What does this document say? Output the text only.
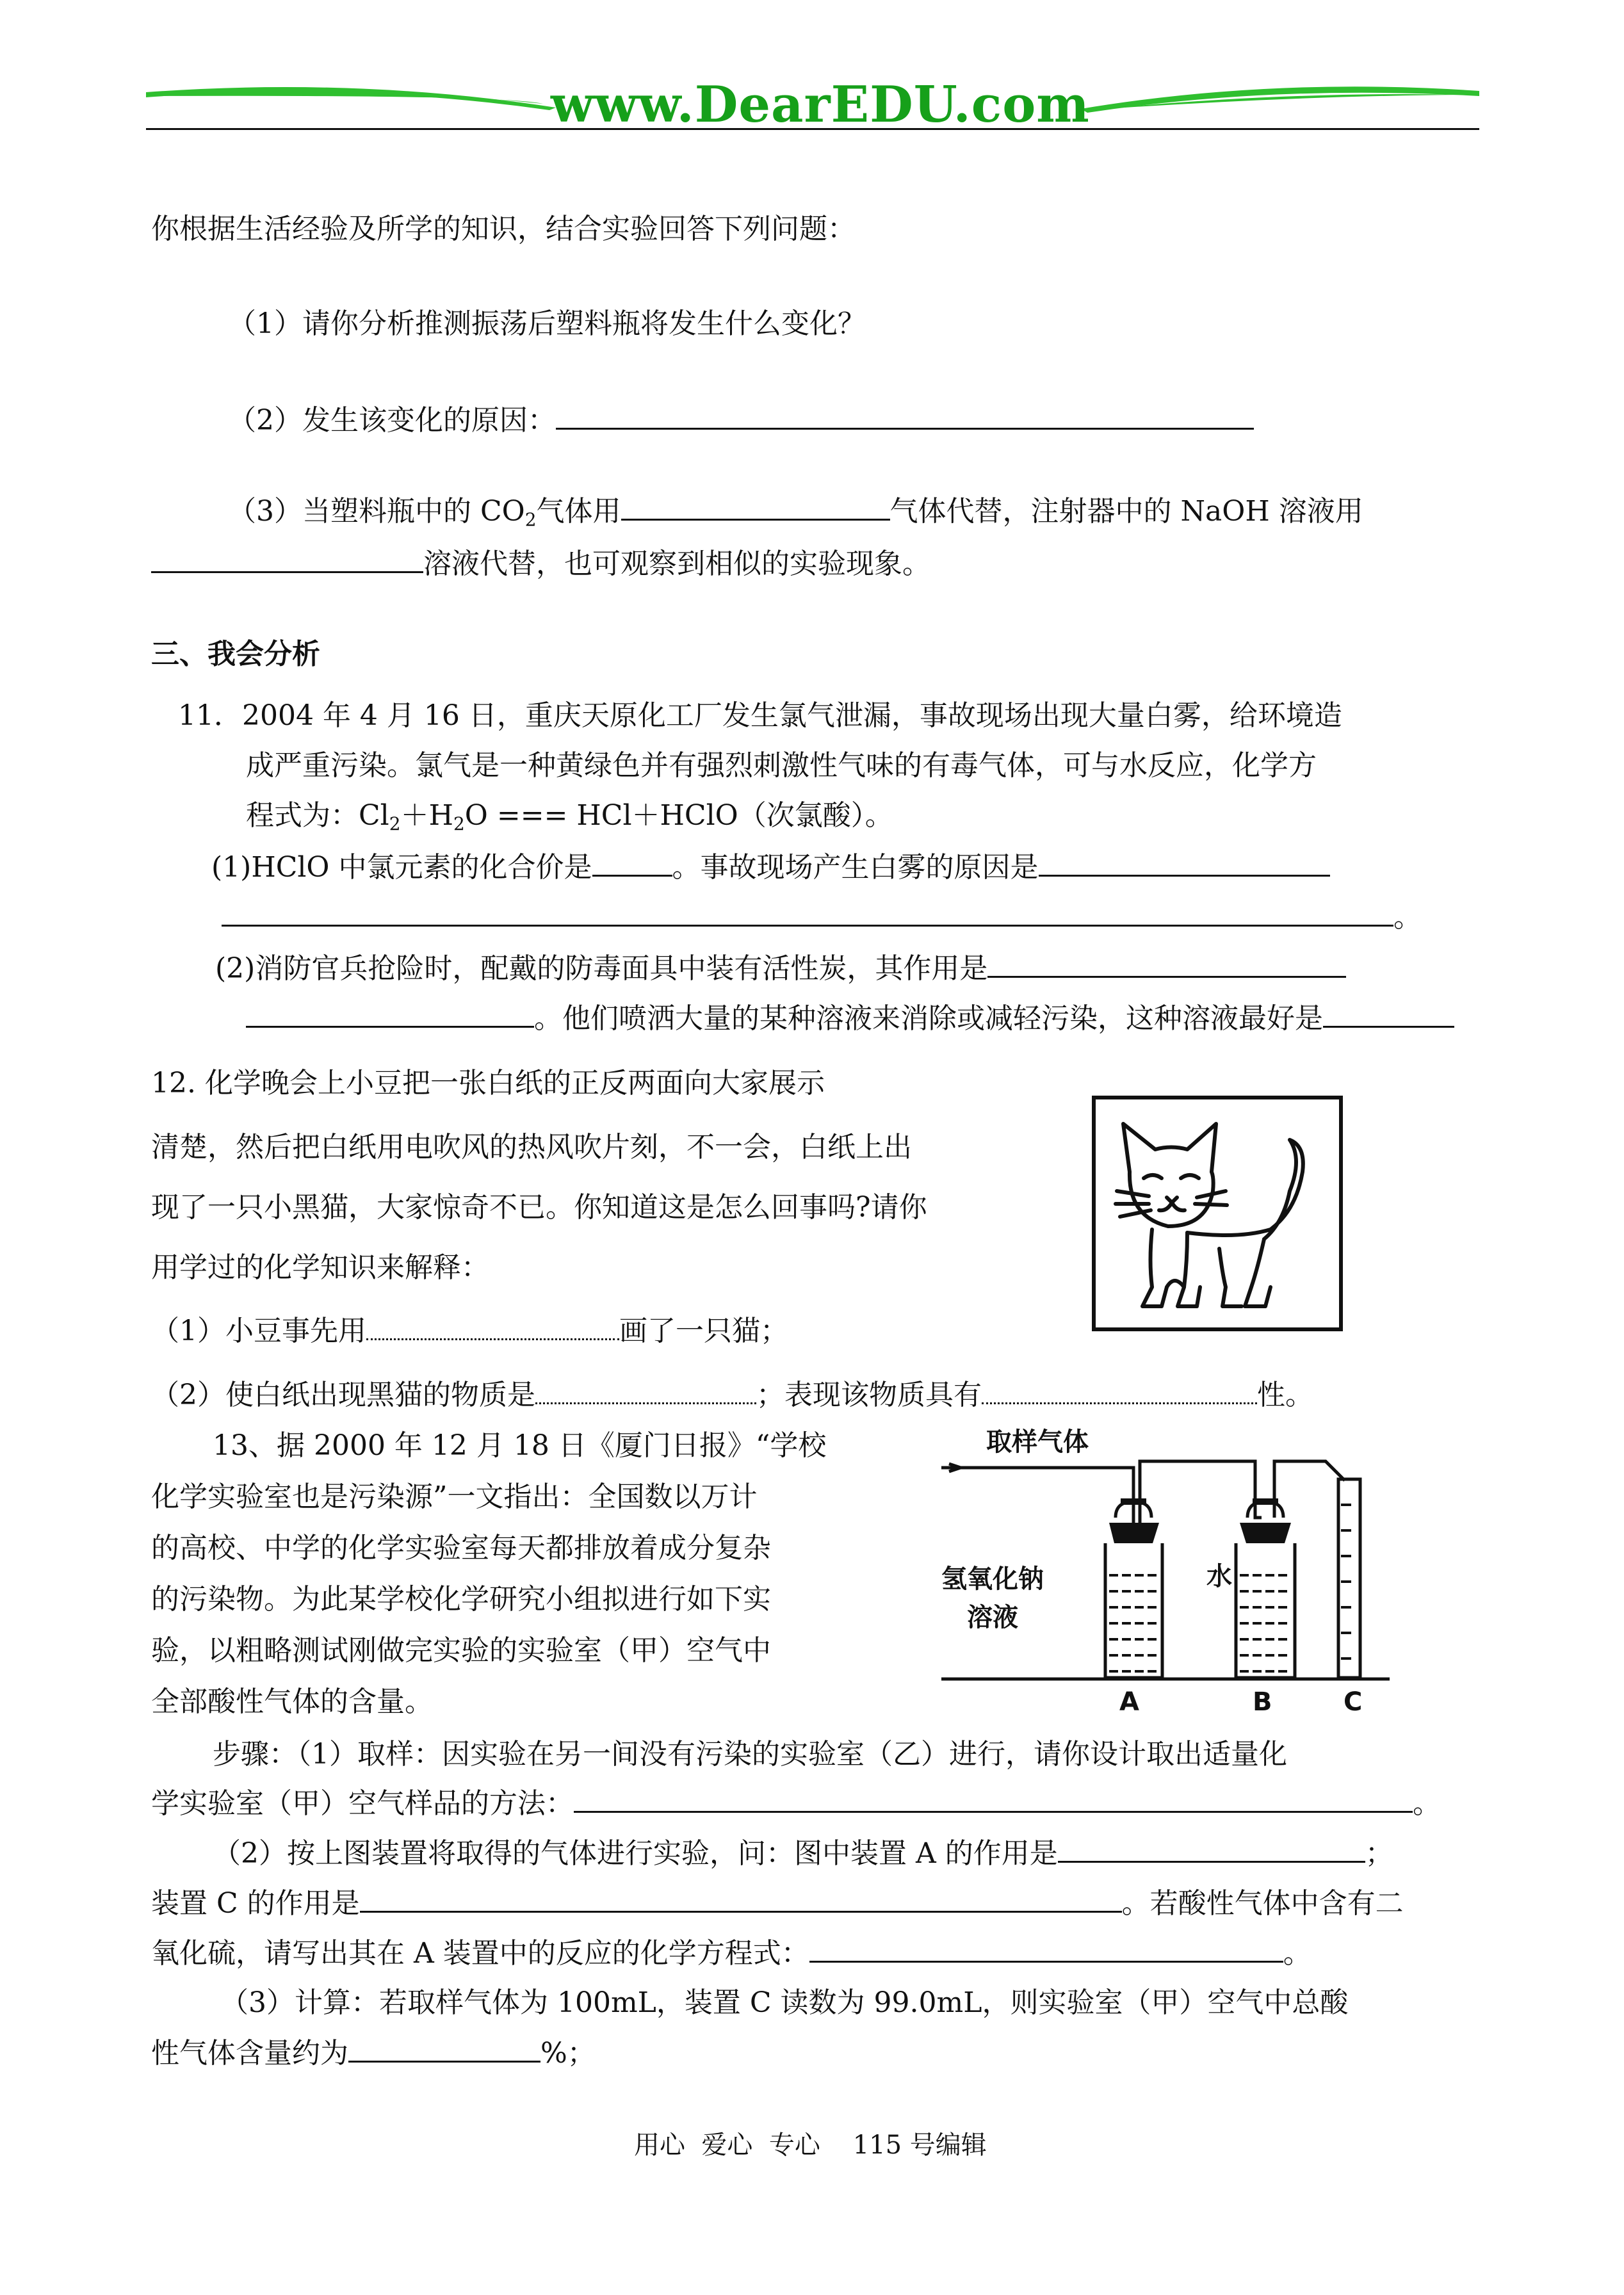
www.DearEDU.com
你根据生活经验及所学的知识，结合实验回答下列问题：
（1）请你分析推测振荡后塑料瓶将发生什么变化？
（2）发生该变化的原因：
（3）当塑料瓶中的 $CO_2$气体用	气体代替，注射器中的 NaOH 溶液用
溶液代替，也可观察到相似的实验现象。
三、我会分析
11．2004 年 4 月 16 日，重庆天原化工厂发生氯气泄漏，事故现场出现大量白雾，给环境造
成严重污染。氯气是一种黄绿色并有强烈刺激性气味的有毒气体，可与水反应，化学方
程式为：$Cl_2+H_2O$ === HCl＋HClO（次氯酸）。
(1)HClO 中氯元素的化合价是	。事故现场产生白雾的原因是
。
(2)消防官兵抢险时，配戴的防毒面具中装有活性炭，其作用是
。他们喷洒大量的某种溶液来消除或减轻污染，这种溶液最好是
12. 化学晚会上小豆把一张白纸的正反两面向大家展示
清楚，然后把白纸用电吹风的热风吹片刻，不一会，白纸上出
现了一只小黑猫，大家惊奇不已。你知道这是怎么回事吗?请你
用学过的化学知识来解释：
（1）小豆事先用	画了一只猫；
（2）使白纸出现黑猫的物质是	；表现该物质具有	性。
13、据 2000 年 12 月 18 日《厦门日报》“学校
化学实验室也是污染源”一文指出：全国数以万计
的高校、中学的化学实验室每天都排放着成分复杂
的污染物。为此某学校化学研究小组拟进行如下实
验，以粗略测试刚做完实验的实验室（甲）空气中
全部酸性气体的含量。
取样气体
氢氧化钠
溶液
水
A	B	C
步骤：（1）取样：因实验在另一间没有污染的实验室（乙）进行，请你设计取出适量化
学实验室（甲）空气样品的方法：	。
（2）按上图装置将取得的气体进行实验，问：图中装置 A 的作用是	；
装置 C 的作用是	。若酸性气体中含有二
氧化硫，请写出其在 A 装置中的反应的化学方程式：	。
（3）计算：若取样气体为 100mL，装置 C 读数为 99.0mL，则实验室（甲）空气中总酸
性气体含量约为	%；
用心  爱心  专心    115 号编辑
